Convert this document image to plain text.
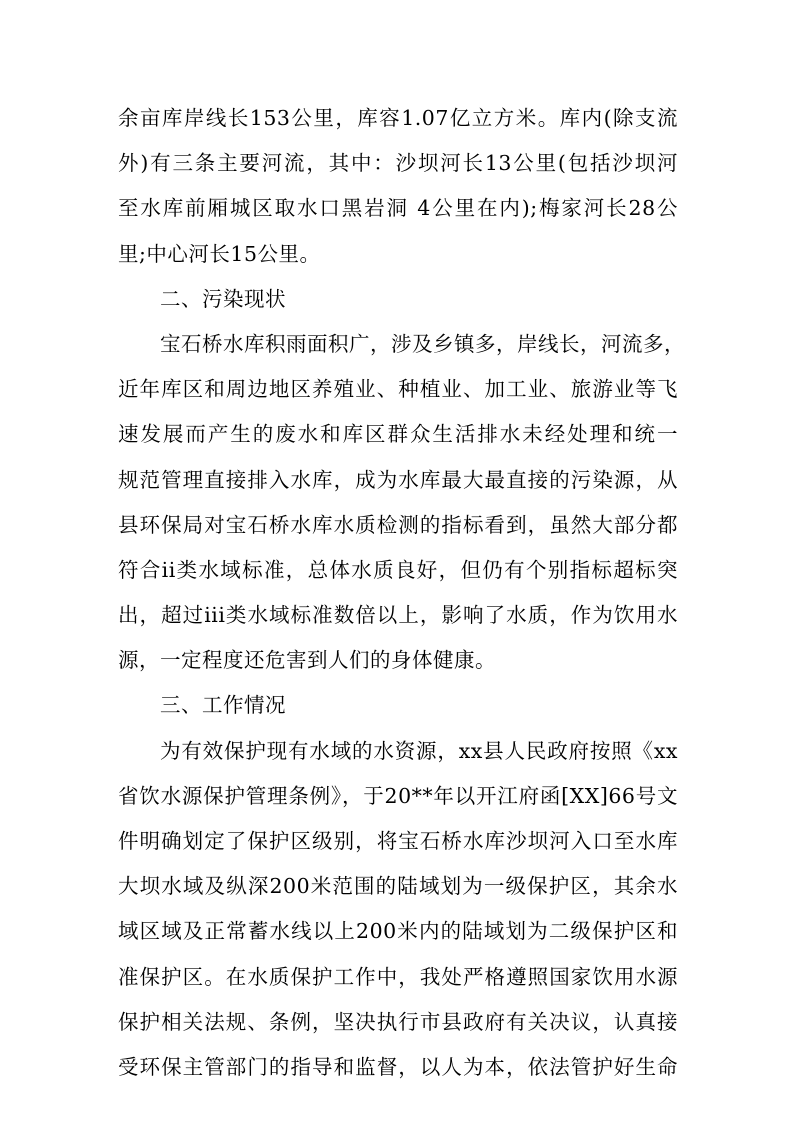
余亩库岸线长153公里，库容1.07亿立方米。库内(除支流
外)有三条主要河流，其中：沙坝河长13公里(包括沙坝河
至水库前厢城区取水口黑岩洞 4公里在内);梅家河长28公
里;中心河长15公里。
二、污染现状
宝石桥水库积雨面积广，涉及乡镇多，岸线长，河流多，
近年库区和周边地区养殖业、种植业、加工业、旅游业等飞
速发展而产生的废水和库区群众生活排水未经处理和统一
规范管理直接排入水库，成为水库最大最直接的污染源，从
县环保局对宝石桥水库水质检测的指标看到，虽然大部分都
符合ii类水域标准，总体水质良好，但仍有个别指标超标突
出，超过iii类水域标准数倍以上，影响了水质，作为饮用水
源，一定程度还危害到人们的身体健康。
三、工作情况
为有效保护现有水域的水资源，xx县人民政府按照《xx
省饮水源保护管理条例》，于20**年以开江府函[XX]66号文
件明确划定了保护区级别，将宝石桥水库沙坝河入口至水库
大坝水域及纵深200米范围的陆域划为一级保护区，其余水
域区域及正常蓄水线以上200米内的陆域划为二级保护区和
准保护区。在水质保护工作中，我处严格遵照国家饮用水源
保护相关法规、条例，坚决执行市县政府有关决议，认真接
受环保主管部门的指导和监督，以人为本，依法管护好生命
